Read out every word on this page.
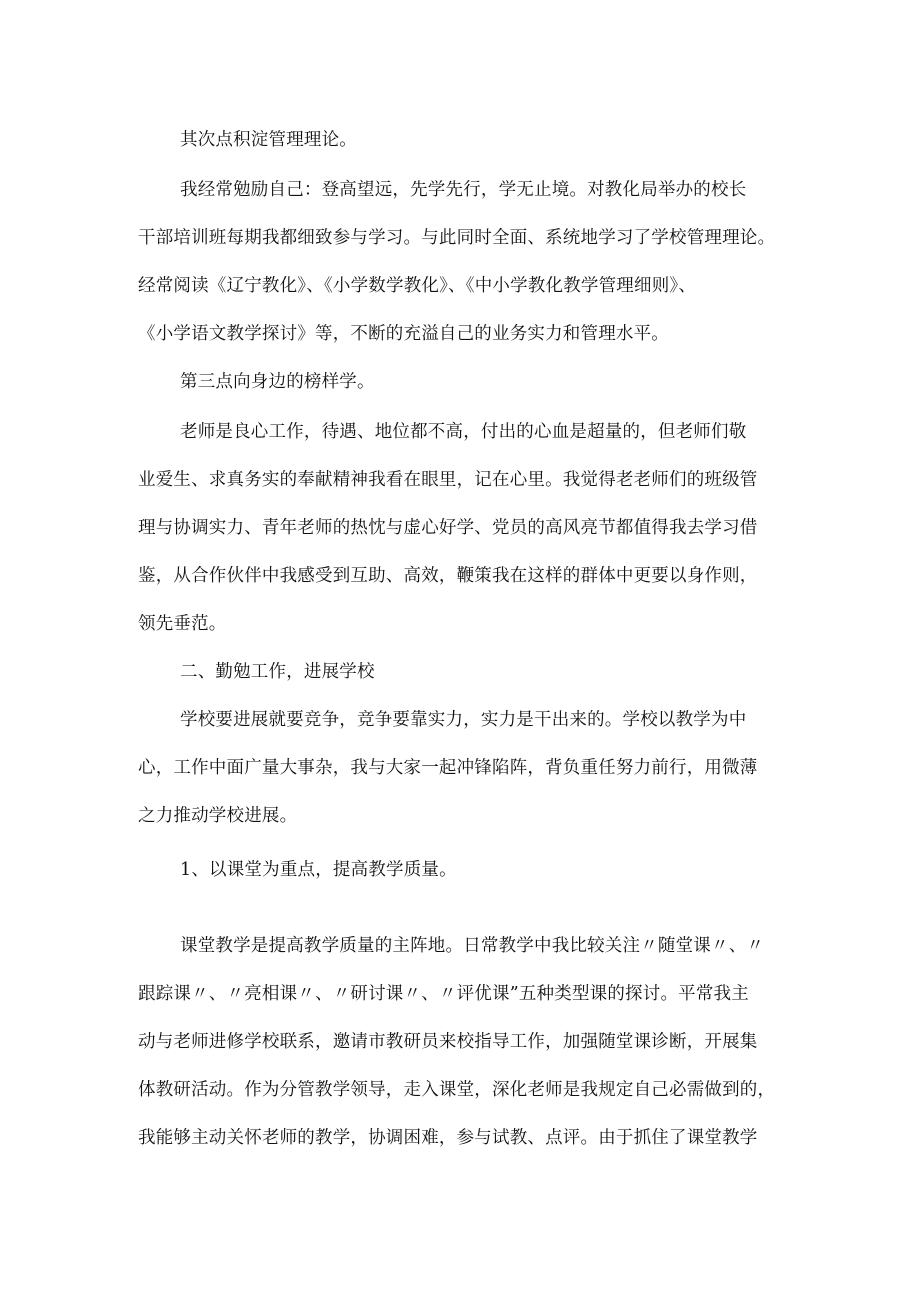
其次点积淀管理理论。
我经常勉励自己：登高望远，先学先行，学无止境。对教化局举办的校长
干部培训班每期我都细致参与学习。与此同时全面、系统地学习了学校管理理论。
经常阅读《辽宁教化》、《小学数学教化》、《中小学教化教学管理细则》、
《小学语文教学探讨》等，不断的充溢自己的业务实力和管理水平。
第三点向身边的榜样学。
老师是良心工作，待遇、地位都不高，付出的心血是超量的，但老师们敬
业爱生、求真务实的奉献精神我看在眼里，记在心里。我觉得老老师们的班级管
理与协调实力、青年老师的热忱与虚心好学、党员的高风亮节都值得我去学习借
鉴，从合作伙伴中我感受到互助、高效，鞭策我在这样的群体中更要以身作则，
领先垂范。
二、勤勉工作，进展学校
学校要进展就要竞争，竞争要靠实力，实力是干出来的。学校以教学为中
心，工作中面广量大事杂，我与大家一起冲锋陷阵，背负重任努力前行，用微薄
之力推动学校进展。
1、以课堂为重点，提高教学质量。
课堂教学是提高教学质量的主阵地。日常教学中我比较关注〃随堂课〃、〃
跟踪课〃、〃亮相课〃、〃研讨课〃、〃评优课”五种类型课的探讨。平常我主
动与老师进修学校联系，邀请市教研员来校指导工作，加强随堂课诊断，开展集
体教研活动。作为分管教学领导，走入课堂，深化老师是我规定自己必需做到的，
我能够主动关怀老师的教学，协调困难，参与试教、点评。由于抓住了课堂教学
